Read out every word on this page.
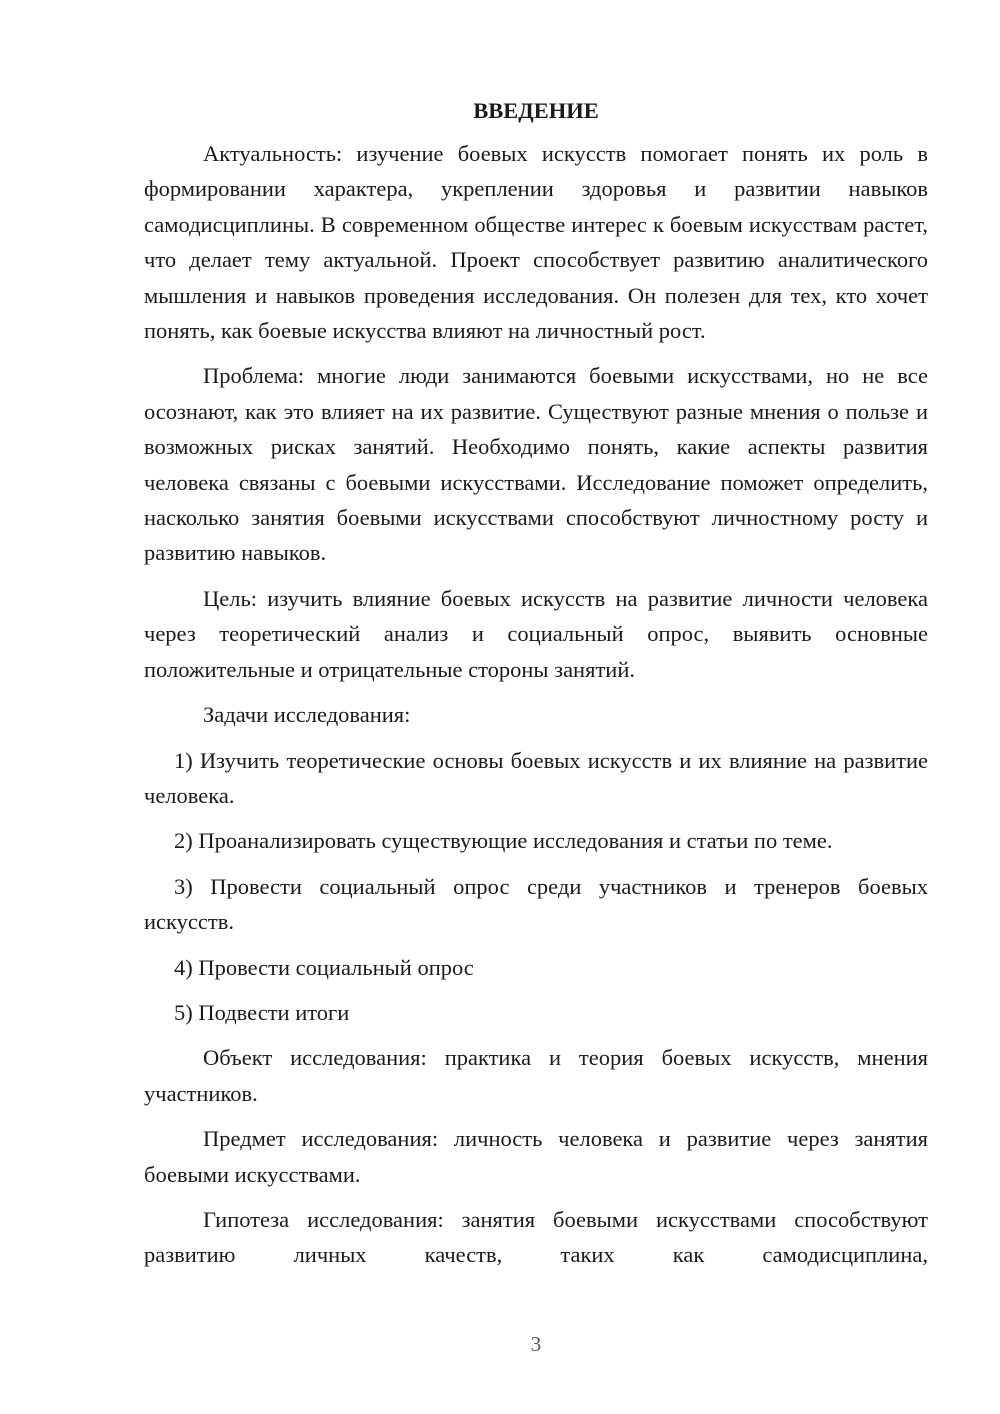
ВВЕДЕНИЕ

Актуальность: изучение боевых искусств помогает понять их роль в формировании характера, укреплении здоровья и развитии навыков самодисциплины. В современном обществе интерес к боевым искусствам растет, что делает тему актуальной. Проект способствует развитию аналитического мышления и навыков проведения исследования. Он полезен для тех, кто хочет понять, как боевые искусства влияют на личностный рост.

Проблема: многие люди занимаются боевыми искусствами, но не все осознают, как это влияет на их развитие. Существуют разные мнения о пользе и возможных рисках занятий. Необходимо понять, какие аспекты развития человека связаны с боевыми искусствами. Исследование поможет определить, насколько занятия боевыми искусствами способствуют личностному росту и развитию навыков.

Цель: изучить влияние боевых искусств на развитие личности человека через теоретический анализ и социальный опрос, выявить основные положительные и отрицательные стороны занятий.

Задачи исследования:

1) Изучить теоретические основы боевых искусств и их влияние на развитие человека.

2) Проанализировать существующие исследования и статьи по теме.

3) Провести социальный опрос среди участников и тренеров боевых искусств.

4) Провести социальный опрос

5) Подвести итоги

Объект исследования: практика и теория боевых искусств, мнения участников.

Предмет исследования: личность человека и развитие через занятия боевыми искусствами.

Гипотеза исследования: занятия боевыми искусствами способствуют развитию личных качеств, таких как самодисциплина,

3
